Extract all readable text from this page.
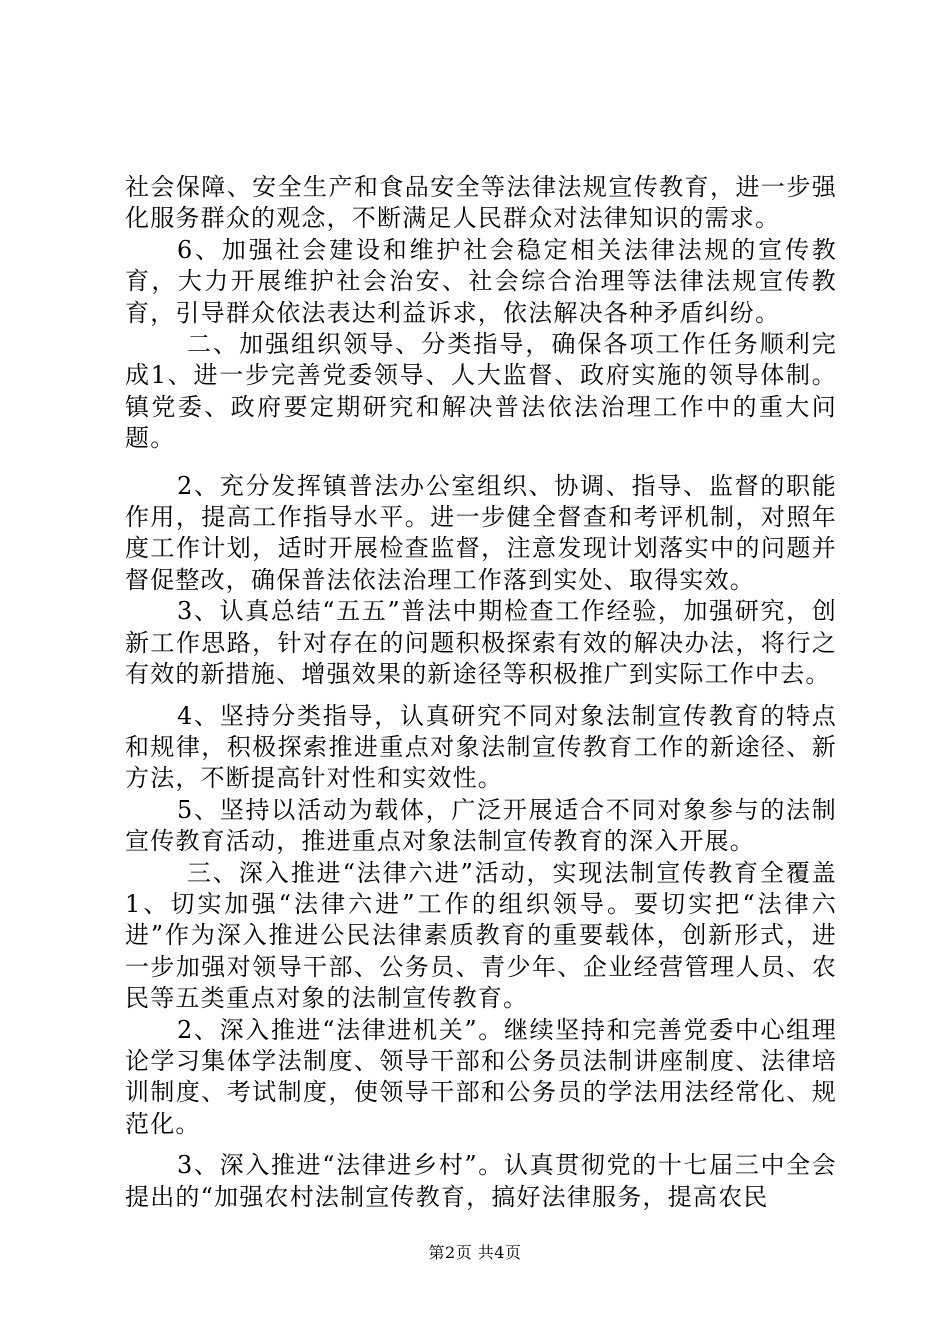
社会保障、安全生产和食品安全等法律法规宣传教育，进一步强化服务群众的观念，不断满足人民群众对法律知识的需求。

6、加强社会建设和维护社会稳定相关法律法规的宣传教育，大力开展维护社会治安、社会综合治理等法律法规宣传教育，引导群众依法表达利益诉求，依法解决各种矛盾纠纷。

二、加强组织领导、分类指导，确保各项工作任务顺利完成1、进一步完善党委领导、人大监督、政府实施的领导体制。镇党委、政府要定期研究和解决普法依法治理工作中的重大问题。

2、充分发挥镇普法办公室组织、协调、指导、监督的职能作用，提高工作指导水平。进一步健全督查和考评机制，对照年度工作计划，适时开展检查监督，注意发现计划落实中的问题并督促整改，确保普法依法治理工作落到实处、取得实效。

3、认真总结“五五”普法中期检查工作经验，加强研究，创新工作思路，针对存在的问题积极探索有效的解决办法，将行之有效的新措施、增强效果的新途径等积极推广到实际工作中去。

4、坚持分类指导，认真研究不同对象法制宣传教育的特点和规律，积极探索推进重点对象法制宣传教育工作的新途径、新方法，不断提高针对性和实效性。

5、坚持以活动为载体，广泛开展适合不同对象参与的法制宣传教育活动，推进重点对象法制宣传教育的深入开展。

三、深入推进“法律六进”活动，实现法制宣传教育全覆盖1、切实加强“法律六进”工作的组织领导。要切实把“法律六进”作为深入推进公民法律素质教育的重要载体，创新形式，进一步加强对领导干部、公务员、青少年、企业经营管理人员、农民等五类重点对象的法制宣传教育。

2、深入推进“法律进机关”。继续坚持和完善党委中心组理论学习集体学法制度、领导干部和公务员法制讲座制度、法律培训制度、考试制度，使领导干部和公务员的学法用法经常化、规范化。

3、深入推进“法律进乡村”。认真贯彻党的十七届三中全会提出的“加强农村法制宣传教育，搞好法律服务，提高农民

第2页 共4页
